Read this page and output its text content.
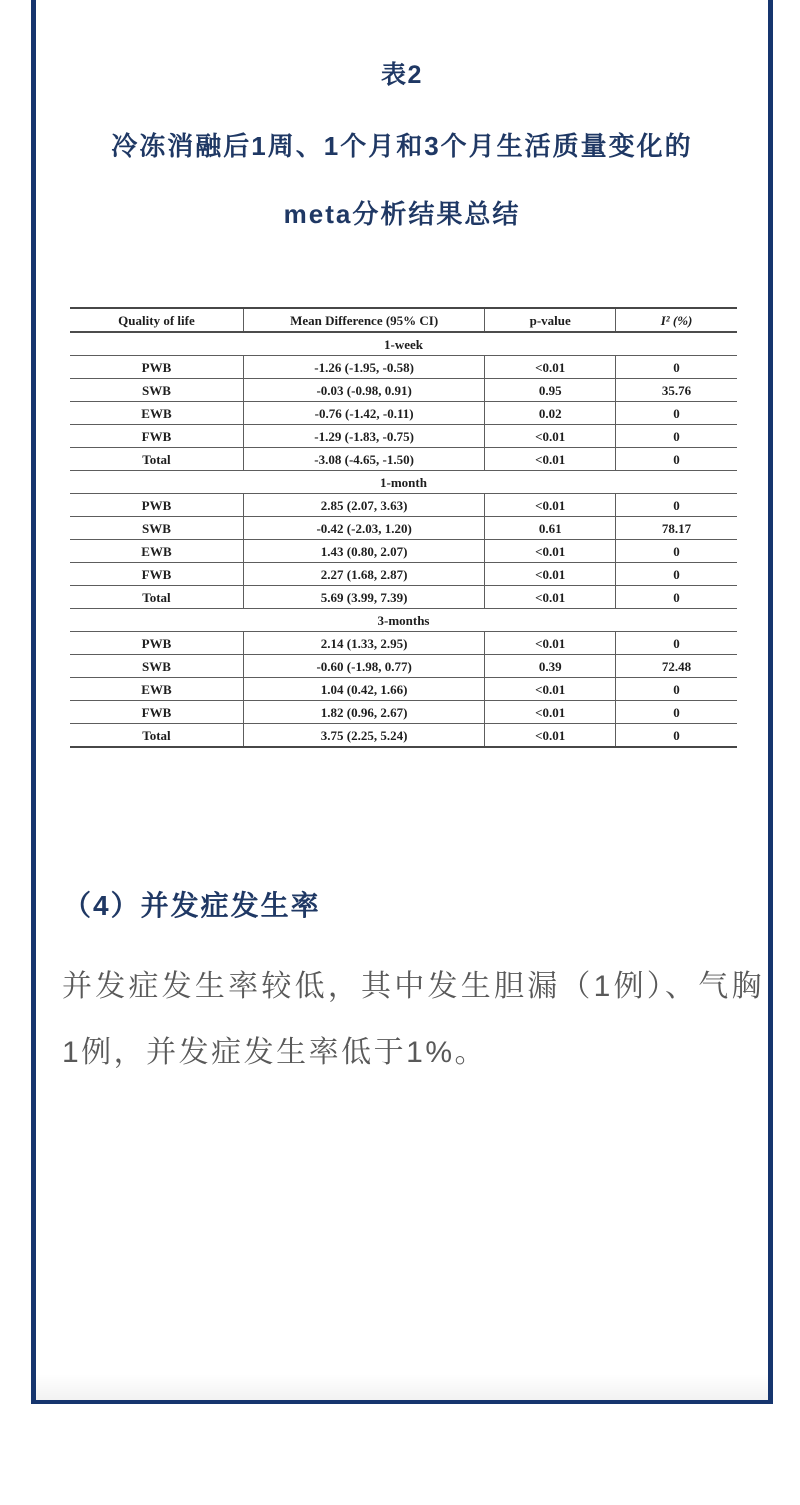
表2
冷冻消融后1周、1个月和3个月生活质量变化的
meta分析结果总结
Quality of life	Mean Difference (95% CI)	p-value	I² (%)
1-week			
PWB	-1.26 (-1.95, -0.58)	<0.01	0
SWB	-0.03 (-0.98, 0.91)	0.95	35.76
EWB	-0.76 (-1.42, -0.11)	0.02	0
FWB	-1.29 (-1.83, -0.75)	<0.01	0
Total	-3.08 (-4.65, -1.50)	<0.01	0
1-month			
PWB	2.85 (2.07, 3.63)	<0.01	0
SWB	-0.42 (-2.03, 1.20)	0.61	78.17
EWB	1.43 (0.80, 2.07)	<0.01	0
FWB	2.27 (1.68, 2.87)	<0.01	0
Total	5.69 (3.99, 7.39)	<0.01	0
3-months			
PWB	2.14 (1.33, 2.95)	<0.01	0
SWB	-0.60 (-1.98, 0.77)	0.39	72.48
EWB	1.04 (0.42, 1.66)	<0.01	0
FWB	1.82 (0.96, 2.67)	<0.01	0
Total	3.75 (2.25, 5.24)	<0.01	0
（4）并发症发生率
并发症发生率较低，其中发生胆漏（1例）、气胸1例，并发症发生率低于1%。
